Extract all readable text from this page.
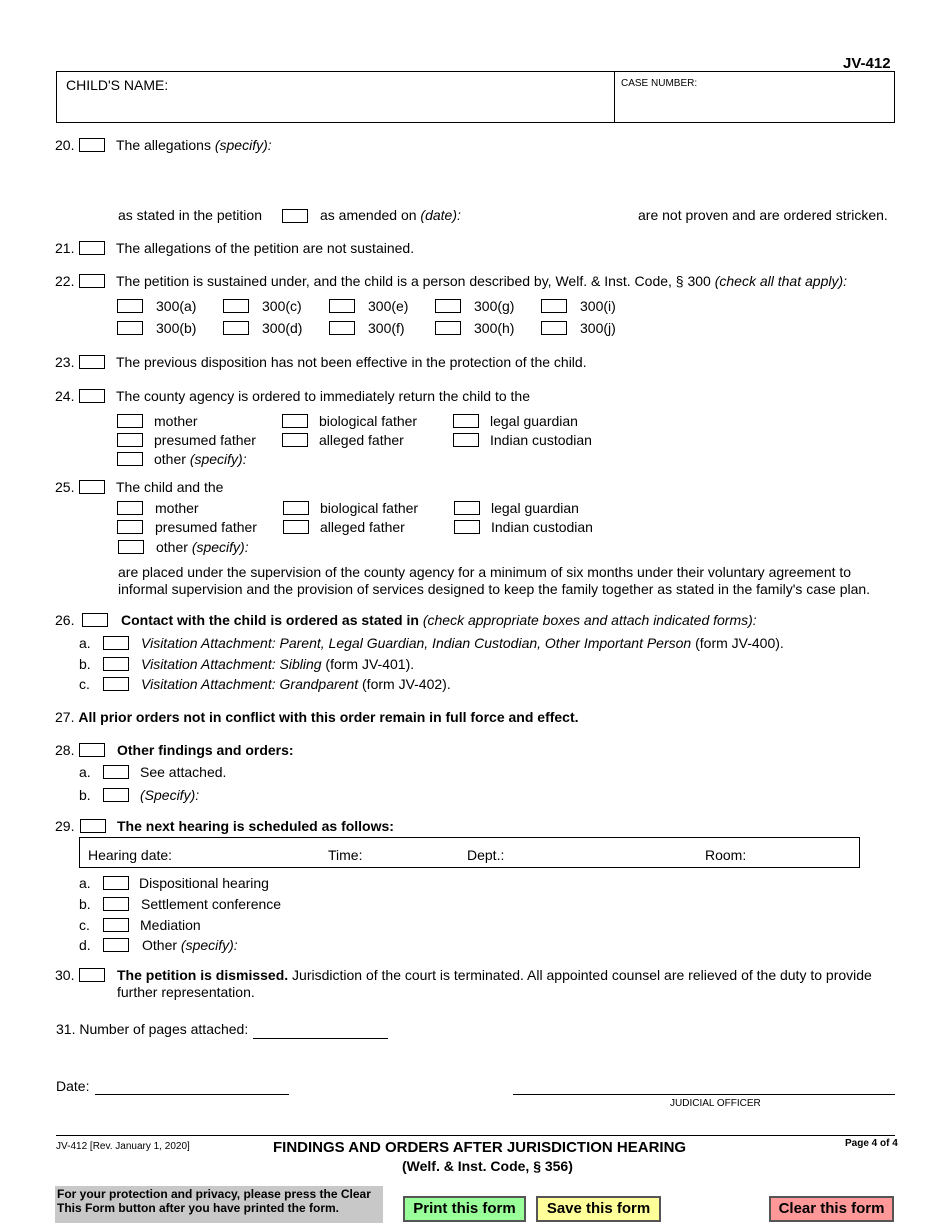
JV-412
CHILD'S NAME:	CASE NUMBER:
20.	The allegations (specify):
as stated in the petition	as amended on (date):	are not proven and are ordered stricken.
21.	The allegations of the petition are not sustained.
22.	The petition is sustained under, and the child is a person described by, Welf. & Inst. Code, § 300 (check all that apply):
300(a)	300(c)	300(e)	300(g)	300(i)
300(b)	300(d)	300(f)	300(h)	300(j)
23.	The previous disposition has not been effective in the protection of the child.
24.	The county agency is ordered to immediately return the child to the
mother	biological father	legal guardian
presumed father	alleged father	Indian custodian
other (specify):
25.	The child and the
mother	biological father	legal guardian
presumed father	alleged father	Indian custodian
other (specify):
are placed under the supervision of the county agency for a minimum of six months under their voluntary agreement to
informal supervision and the provision of services designed to keep the family together as stated in the family's case plan.
26.	Contact with the child is ordered as stated in (check appropriate boxes and attach indicated forms):
a.	Visitation Attachment: Parent, Legal Guardian, Indian Custodian, Other Important Person (form JV-400).
b.	Visitation Attachment: Sibling (form JV-401).
c.	Visitation Attachment: Grandparent (form JV-402).
27. All prior orders not in conflict with this order remain in full force and effect.
28.	Other findings and orders:
a.	See attached.
b.	(Specify):
29.	The next hearing is scheduled as follows:
Hearing date:	Time:	Dept.:	Room:
a.	Dispositional hearing
b.	Settlement conference
c.	Mediation
d.	Other (specify):
30.	The petition is dismissed. Jurisdiction of the court is terminated. All appointed counsel are relieved of the duty to provide
further representation.
31. Number of pages attached:
Date:
JUDICIAL OFFICER
JV-412 [Rev. January 1, 2020]	FINDINGS AND ORDERS AFTER JURISDICTION HEARING
(Welf. & Inst. Code, § 356)
Page 4 of 4
For your protection and privacy, please press the Clear
This Form button after you have printed the form.	Print this form	Save this form	Clear this form
